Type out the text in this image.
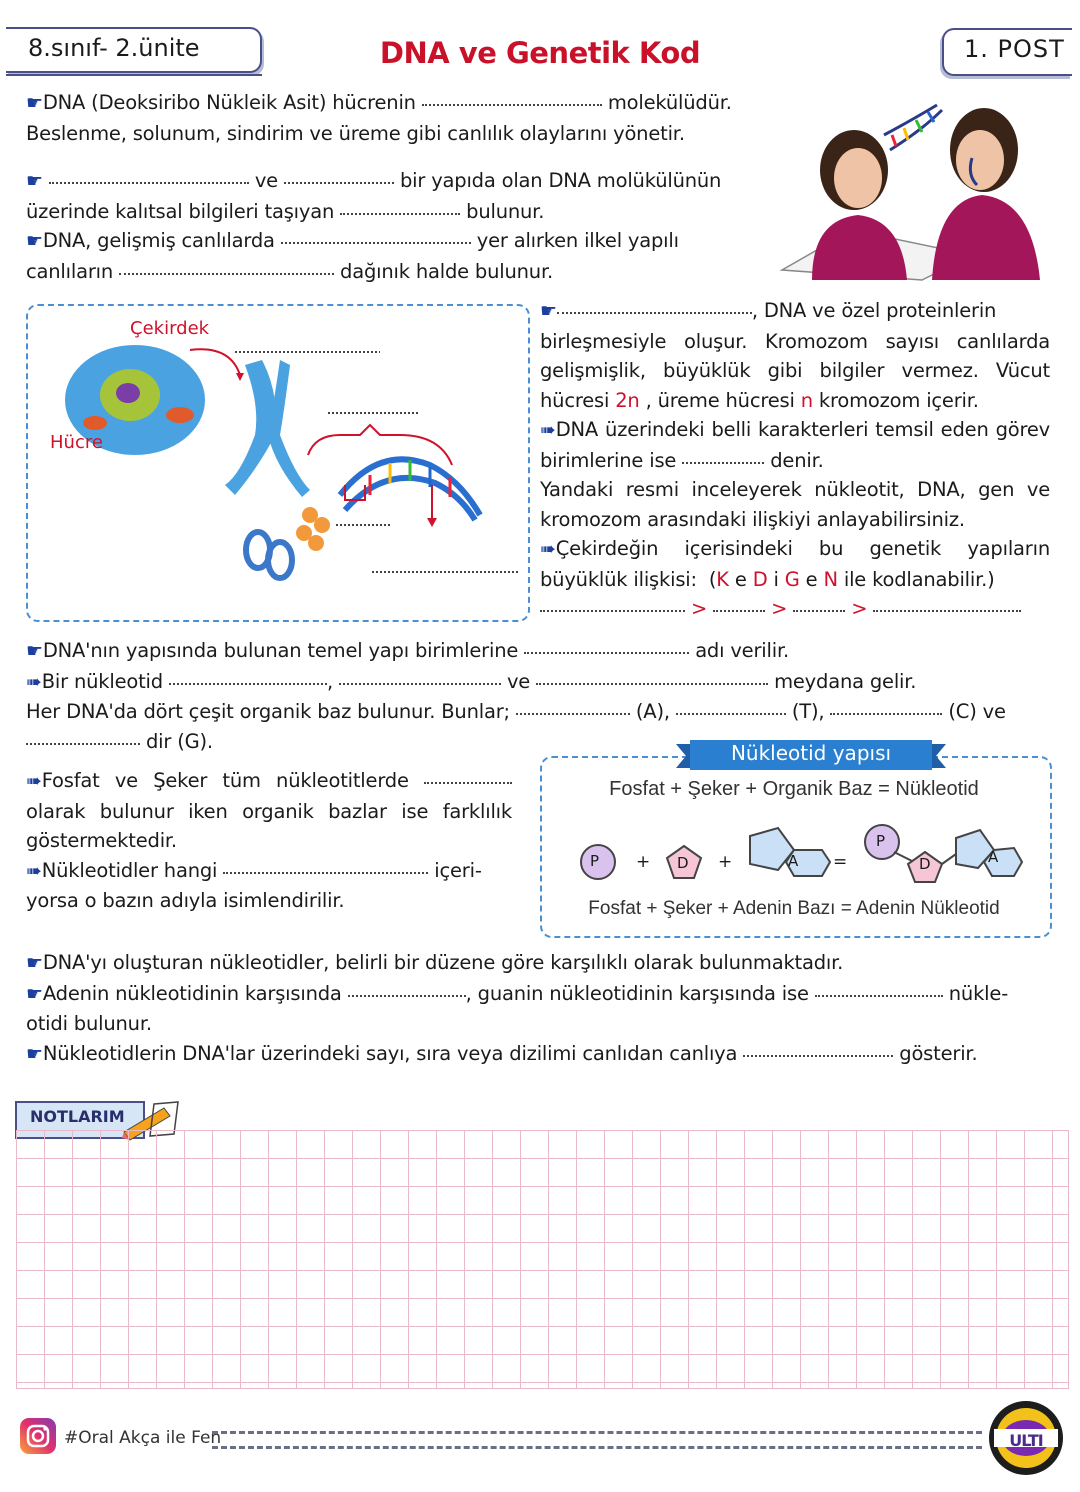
8.sınıf- 2.ünite	DNA ve Genetik Kod	1. POST
☛DNA (Deoksiribo Nükleik Asit) hücrenin	molekülüdür.
Beslenme, solunum, sindirim ve üreme gibi canlılık olaylarını yönetir.
☛	ve	bir yapıda olan DNA molükülünün
üzerinde kalıtsal bilgileri taşıyan	bulunur.
☛DNA, gelişmiş canlılarda	yer alırken ilkel yapılı
canlıların	dağınık halde bulunur.
Çekirdek
Hücre
☛	, DNA ve özel proteinlerin
birleşmesiyle oluşur. Kromozom sayısı canlılarda gelişmişlik, büyüklük gibi bilgiler vermez. Vücut hücresi 2n , üreme hücresi n kromozom içerir.
➠DNA üzerindeki belli karakterleri temsil eden görev birimlerine ise	denir.
Yandaki resmi inceleyerek nükleotit, DNA, gen ve kromozom arasındaki ilişkiyi anlayabilirsiniz.
➠Çekirdeğin içerisindeki bu genetik yapıların büyüklük ilişkisi: (K e D i G e N ile kodlanabilir.)
>	>	>
☛DNA'nın yapısında bulunan temel yapı birimlerine	adı verilir.
➠Bir nükleotid	,	ve	meydana gelir.
Her DNA'da dört çeşit organik baz bulunur. Bunlar;	(A),	(T),	(C) ve
dir (G).
➠Fosfat ve Şeker tüm nükleotitlerde  olarak bulunur iken organik bazlar ise farklılık göstermektedir.
➠Nükleotidler hangi	içeri-
yorsa o bazın adıyla isimlendirilir.
Nükleotid yapısı
Fosfat + Şeker + Organik Baz = Nükleotid
P	D	A
P
D	A
+	+	=
Fosfat + Şeker + Adenin Bazı = Adenin Nükleotid
☛DNA'yı oluşturan nükleotidler, belirli bir düzene göre karşılıklı olarak bulunmaktadır.
☛Adenin nükleotidinin karşısında	, guanin nükleotidinin karşısında ise	nükle-
otidi bulunur.
☛Nükleotidlerin DNA'lar üzerindeki sayı, sıra veya dizilimi canlıdan canlıya	gösterir.
NOTLARIM
#Oral Akça ile Fen	ULTI
